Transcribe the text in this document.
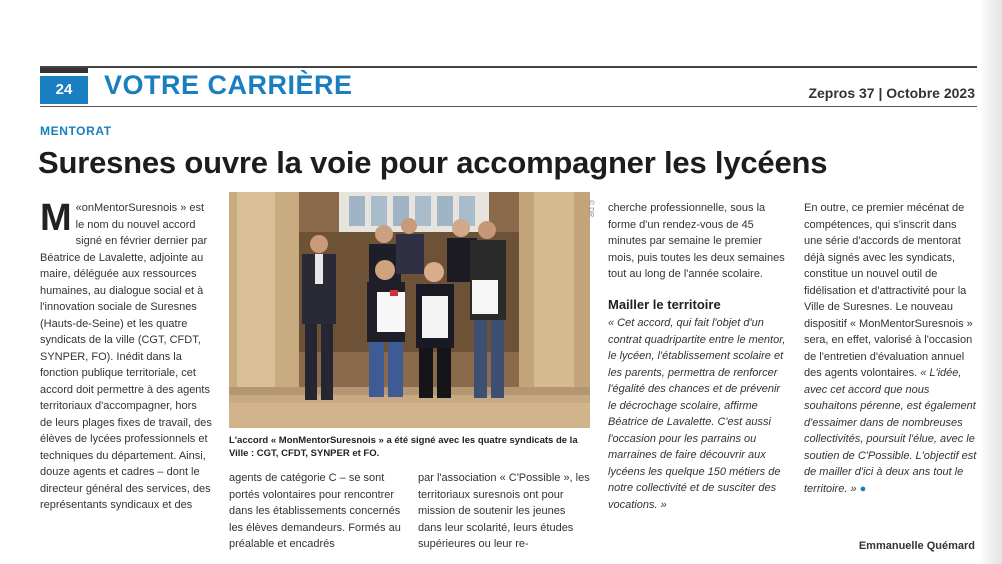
24	VOTRE CARRIÈRE	Zepros 37 | Octobre 2023
MENTORAT
Suresnes ouvre la voie pour accompagner les lycéens

«
M onMentorSuresnois » est le nom du nouvel accord signé en février dernier par Béatrice de Lavalette, adjointe au maire, déléguée aux ressources humaines, au dialogue social et à l'innovation sociale de Suresnes (Hauts-de-Seine) et les quatre syndicats de la ville (CGT, CFDT, SYNPER, FO). Inédit dans la fonction publique territoriale, cet accord doit permettre à des agents territoriaux d'accompagner, hors de leurs plages fixes de travail, des élèves de lycées professionnels et techniques du département. Ainsi, douze agents et cadres – dont le directeur général des services, des représentants syndicaux et des

© DR
L'accord « MonMentorSuresnois » a été signé avec les quatre syndicats de la Ville : CGT, CFDT, SYNPER et FO.

agents de catégorie C – se sont portés volontaires pour rencontrer dans les établissements concernés les élèves demandeurs. Formés au préalable et encadrés

par l'association « C'Possible », les territoriaux suresnois ont pour mission de soutenir les jeunes dans leur scolarité, leurs études supérieures ou leur re-

cherche professionnelle, sous la forme d'un rendez-vous de 45 minutes par semaine le premier mois, puis toutes les deux semaines tout au long de l'année scolaire.

Mailler le territoire

« Cet accord, qui fait l'objet d'un contrat quadripartite entre le mentor, le lycéen, l'établissement scolaire et les parents, permettra de renforcer l'égalité des chances et de prévenir le décrochage scolaire, affirme Béatrice de Lavalette. C'est aussi l'occasion pour les parrains ou marraines de faire découvrir aux lycéens les quelque 150 métiers de notre collectivité et de susciter des vocations. »

En outre, ce premier mécénat de compétences, qui s'inscrit dans une série d'accords de mentorat déjà signés avec les syndicats, constitue un nouvel outil de fidélisation et d'attractivité pour la Ville de Suresnes. Le nouveau dispositif « MonMentorSuresnois » sera, en effet, valorisé à l'occasion de l'entretien d'évaluation annuel des agents volontaires. « L'idée, avec cet accord que nous souhaitons pérenne, est également d'essaimer dans de nombreuses collectivités, poursuit l'élue, avec le soutien de C'Possible. L'objectif est de mailler d'ici à deux ans tout le territoire. » ●

Emmanuelle Quémard
